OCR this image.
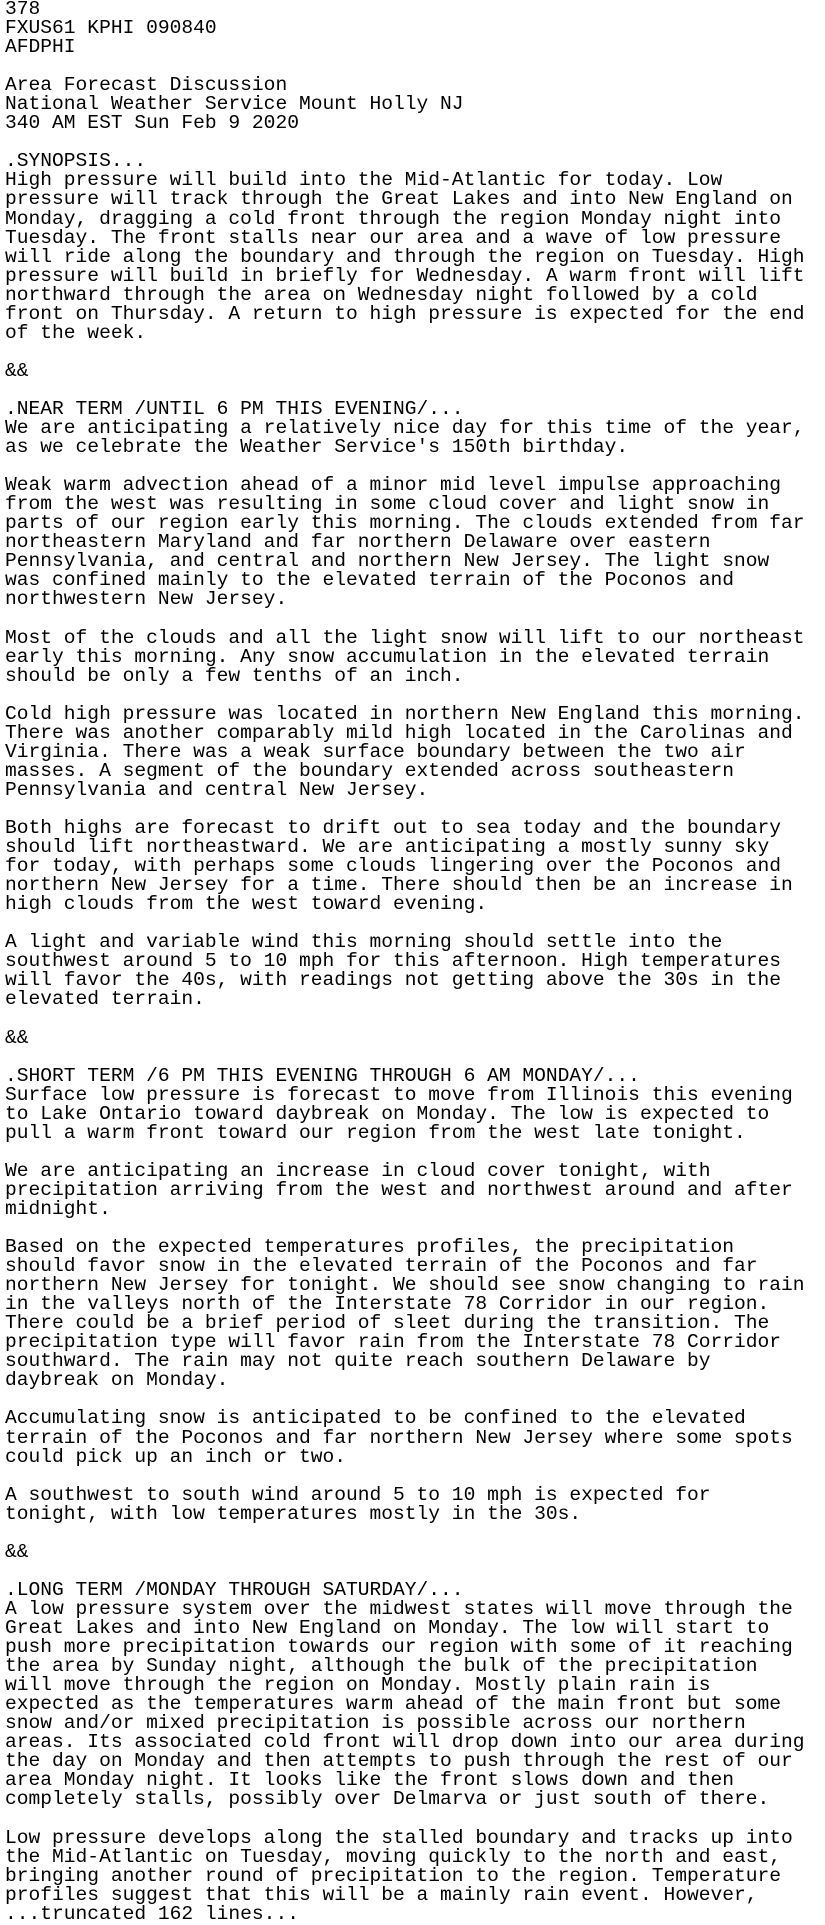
378
FXUS61 KPHI 090840
AFDPHI
Area Forecast Discussion
National Weather Service Mount Holly NJ
340 AM EST Sun Feb 9 2020
.SYNOPSIS...
High pressure will build into the Mid-Atlantic for today. Low
pressure will track through the Great Lakes and into New England on
Monday, dragging a cold front through the region Monday night into
Tuesday. The front stalls near our area and a wave of low pressure
will ride along the boundary and through the region on Tuesday. High
pressure will build in briefly for Wednesday. A warm front will lift
northward through the area on Wednesday night followed by a cold
front on Thursday. A return to high pressure is expected for the end
of the week.
&&
.NEAR TERM /UNTIL 6 PM THIS EVENING/...
We are anticipating a relatively nice day for this time of the year,
as we celebrate the Weather Service's 150th birthday.
Weak warm advection ahead of a minor mid level impulse approaching
from the west was resulting in some cloud cover and light snow in
parts of our region early this morning. The clouds extended from far
northeastern Maryland and far northern Delaware over eastern
Pennsylvania, and central and northern New Jersey. The light snow
was confined mainly to the elevated terrain of the Poconos and
northwestern New Jersey.
Most of the clouds and all the light snow will lift to our northeast
early this morning. Any snow accumulation in the elevated terrain
should be only a few tenths of an inch.
Cold high pressure was located in northern New England this morning.
There was another comparably mild high located in the Carolinas and
Virginia. There was a weak surface boundary between the two air
masses. A segment of the boundary extended across southeastern
Pennsylvania and central New Jersey.
Both highs are forecast to drift out to sea today and the boundary
should lift northeastward. We are anticipating a mostly sunny sky
for today, with perhaps some clouds lingering over the Poconos and
northern New Jersey for a time. There should then be an increase in
high clouds from the west toward evening.
A light and variable wind this morning should settle into the
southwest around 5 to 10 mph for this afternoon. High temperatures
will favor the 40s, with readings not getting above the 30s in the
elevated terrain.
&&
.SHORT TERM /6 PM THIS EVENING THROUGH 6 AM MONDAY/...
Surface low pressure is forecast to move from Illinois this evening
to Lake Ontario toward daybreak on Monday. The low is expected to
pull a warm front toward our region from the west late tonight.
We are anticipating an increase in cloud cover tonight, with
precipitation arriving from the west and northwest around and after
midnight.
Based on the expected temperatures profiles, the precipitation
should favor snow in the elevated terrain of the Poconos and far
northern New Jersey for tonight. We should see snow changing to rain
in the valleys north of the Interstate 78 Corridor in our region.
There could be a brief period of sleet during the transition. The
precipitation type will favor rain from the Interstate 78 Corridor
southward. The rain may not quite reach southern Delaware by
daybreak on Monday.
Accumulating snow is anticipated to be confined to the elevated
terrain of the Poconos and far northern New Jersey where some spots
could pick up an inch or two.
A southwest to south wind around 5 to 10 mph is expected for
tonight, with low temperatures mostly in the 30s.
&&
.LONG TERM /MONDAY THROUGH SATURDAY/...
A low pressure system over the midwest states will move through the
Great Lakes and into New England on Monday. The low will start to
push more precipitation towards our region with some of it reaching
the area by Sunday night, although the bulk of the precipitation
will move through the region on Monday. Mostly plain rain is
expected as the temperatures warm ahead of the main front but some
snow and/or mixed precipitation is possible across our northern
areas. Its associated cold front will drop down into our area during
the day on Monday and then attempts to push through the rest of our
area Monday night. It looks like the front slows down and then
completely stalls, possibly over Delmarva or just south of there.
Low pressure develops along the stalled boundary and tracks up into
the Mid-Atlantic on Tuesday, moving quickly to the north and east,
bringing another round of precipitation to the region. Temperature
profiles suggest that this will be a mainly rain event. However,
...truncated 162 lines...
